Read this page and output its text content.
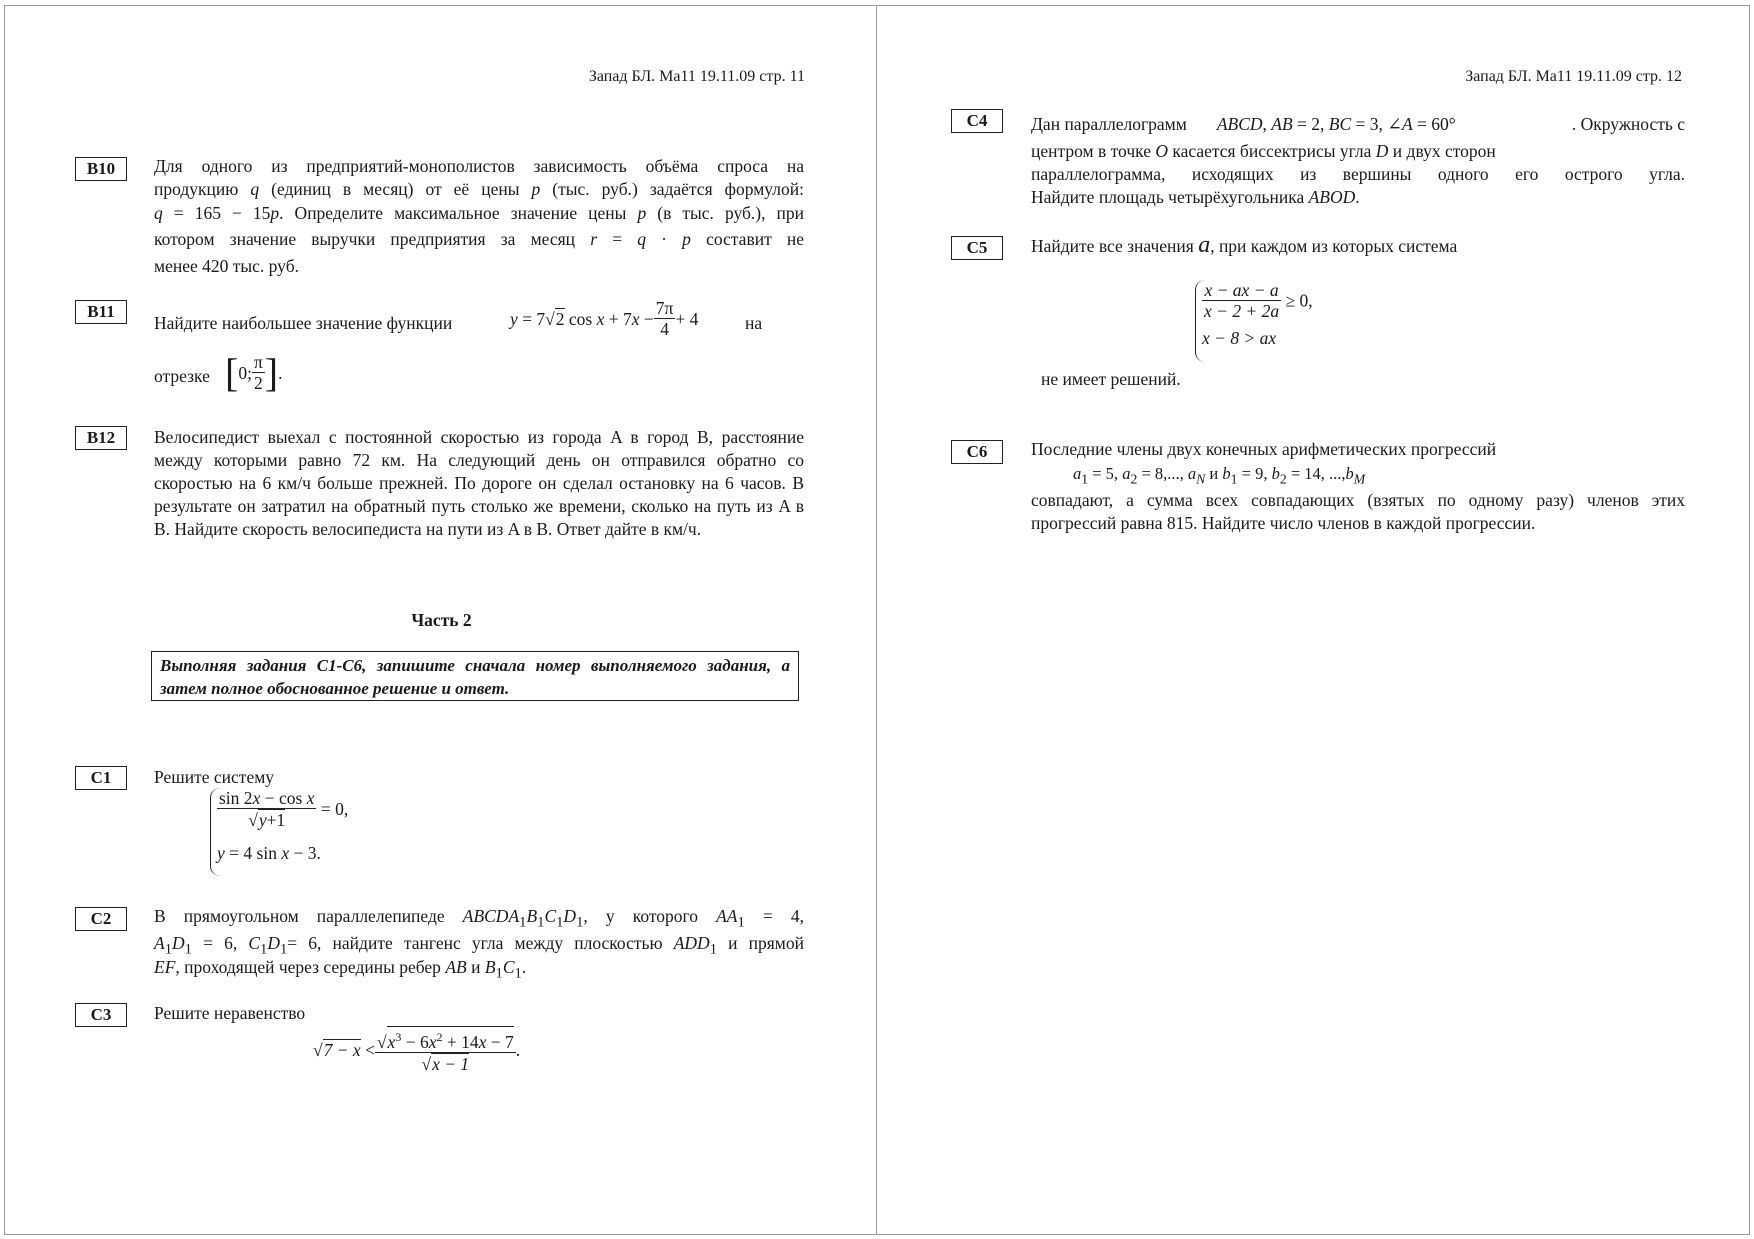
Запад БЛ. Ма11 19.11.09 стр. 11
B10	Для одного из предприятий-монополистов зависимость объёма спроса на
продукцию q (единиц в месяц) от её цены p (тыс. руб.) задаётся формулой:
q = 165 − 15p. Определите максимальное значение цены p (в тыс. руб.), при
котором значение выручки предприятия за месяц r = q · p составит не
менее 420 тыс. руб.
B11
Найдите наибольшее значение функции	y = 7√2 $\cos x + 7x - \frac{7\pi}{4} + 4$	на
отрезке [0; $\frac{\pi}{2}$ ].
B12	Велосипедист выехал с постоянной скоростью из города A в город B, расстояние между которыми равно 72 км. На следующий день он отправился обратно со скоростью на 6 км/ч больше прежней. По дороге он сделал остановку на 6 часов. В результате он затратил на обратный путь столько же времени, сколько на путь из A в B. Найдите скорость велосипедиста на пути из A в B. Ответ дайте в км/ч.
Часть 2
Выполняя задания С1-С6, запишите сначала номер выполняемого задания, а затем полное обоснованное решение и ответ.
C1	Решите систему
$\frac{\text{sin 2x − cos x}}{√y+1} = 0$,
y = 4 sin x − 3.
C2	В прямоугольном параллелепипеде $ABCDA_1B_1C_1D_1$, у которого $AA_1 = 4$,
$A_1D_1 = 6$, $C_1D_1= 6$, найдите тангенс угла между плоскостью $ADD_1$ и прямой
EF, проходящей через середины ребер AB и $B_1C_1$.
C3	Решите неравенство
$√7 - x < \frac{√x^3 - 6x^2 + 14x - 7}{√x - 1}$ .
Запад БЛ. Ма11 19.11.09 стр. 12
C4	Дан параллелограмм ABCD, AB = 2, BC = 3, ∠A = 60°	. Окружность с
центром в точке O касается биссектрисы угла D и двух сторон
параллелограмма, исходящих из вершины одного его острого угла.
Найдите площадь четырёхугольника ABOD.
C5	Найдите все значения a, при каждом из которых система
$\frac{x - ax - a}{x - 2 + 2a} \ge 0$,
x − 8 > ax
не имеет решений.
C6	Последние члены двух конечных арифметических прогрессий
$a_1 = 5$, $a_2 = 8$,..., $a_N$ и $b_1 = 9$, $b_2 = 14$, $...,b_M$
совпадают, а сумма всех совпадающих (взятых по одному разу) членов этих прогрессий равна 815. Найдите число членов в каждой прогрессии.
